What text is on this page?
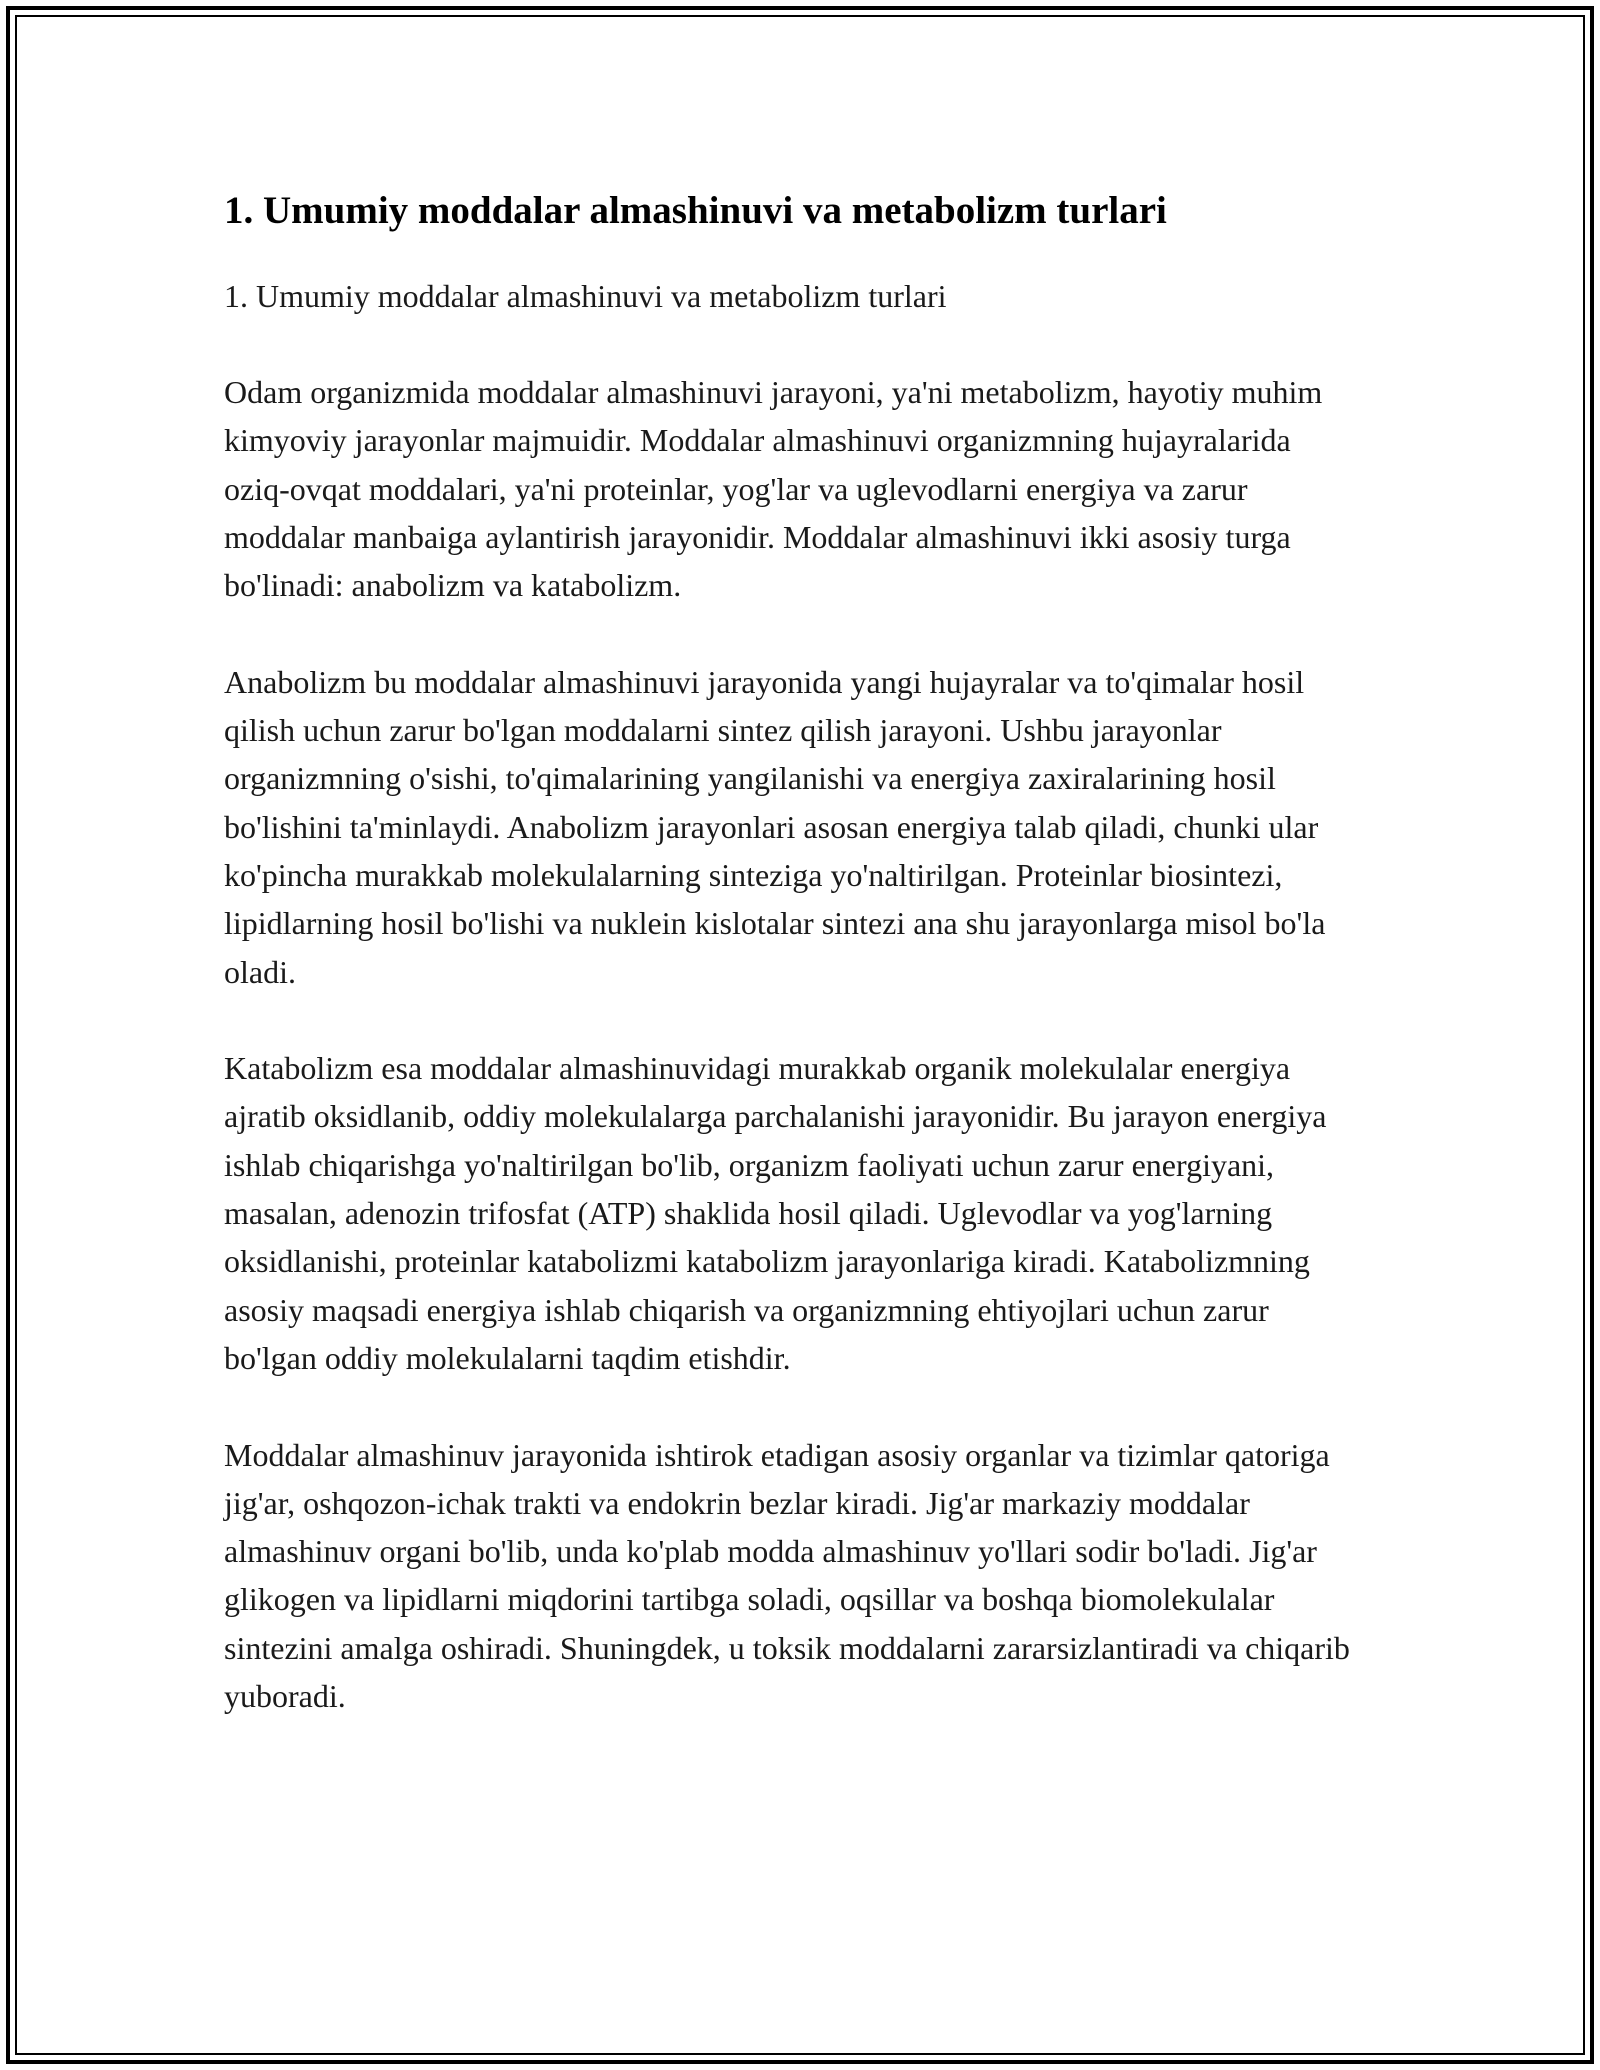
1. Umumiy moddalar almashinuvi va metabolizm turlari

1. Umumiy moddalar almashinuvi va metabolizm turlari

Odam organizmida moddalar almashinuvi jarayoni, ya'ni metabolizm, hayotiy muhim kimyoviy jarayonlar majmuidir. Moddalar almashinuvi organizmning hujayralarida oziq-ovqat moddalari, ya'ni proteinlar, yog'lar va uglevodlarni energiya va zarur moddalar manbaiga aylantirish jarayonidir. Moddalar almashinuvi ikki asosiy turga bo'linadi: anabolizm va katabolizm.

Anabolizm bu moddalar almashinuvi jarayonida yangi hujayralar va to'qimalar hosil qilish uchun zarur bo'lgan moddalarni sintez qilish jarayoni. Ushbu jarayonlar organizmning o'sishi, to'qimalarining yangilanishi va energiya zaxiralarining hosil bo'lishini ta'minlaydi. Anabolizm jarayonlari asosan energiya talab qiladi, chunki ular ko'pincha murakkab molekulalarning sinteziga yo'naltirilgan. Proteinlar biosintezi, lipidlarning hosil bo'lishi va nuklein kislotalar sintezi ana shu jarayonlarga misol bo'la oladi.

Katabolizm esa moddalar almashinuvidagi murakkab organik molekulalar energiya ajratib oksidlanib, oddiy molekulalarga parchalanishi jarayonidir. Bu jarayon energiya ishlab chiqarishga yo'naltirilgan bo'lib, organizm faoliyati uchun zarur energiyani, masalan, adenozin trifosfat (ATP) shaklida hosil qiladi. Uglevodlar va yog'larning oksidlanishi, proteinlar katabolizmi katabolizm jarayonlariga kiradi. Katabolizmning asosiy maqsadi energiya ishlab chiqarish va organizmning ehtiyojlari uchun zarur bo'lgan oddiy molekulalarni taqdim etishdir.

Moddalar almashinuv jarayonida ishtirok etadigan asosiy organlar va tizimlar qatoriga jig'ar, oshqozon-ichak trakti va endokrin bezlar kiradi. Jig'ar markaziy moddalar almashinuv organi bo'lib, unda ko'plab modda almashinuv yo'llari sodir bo'ladi. Jig'ar glikogen va lipidlarni miqdorini tartibga soladi, oqsillar va boshqa biomolekulalar sintezini amalga oshiradi. Shuningdek, u toksik moddalarni zararsizlantiradi va chiqarib yuboradi.
